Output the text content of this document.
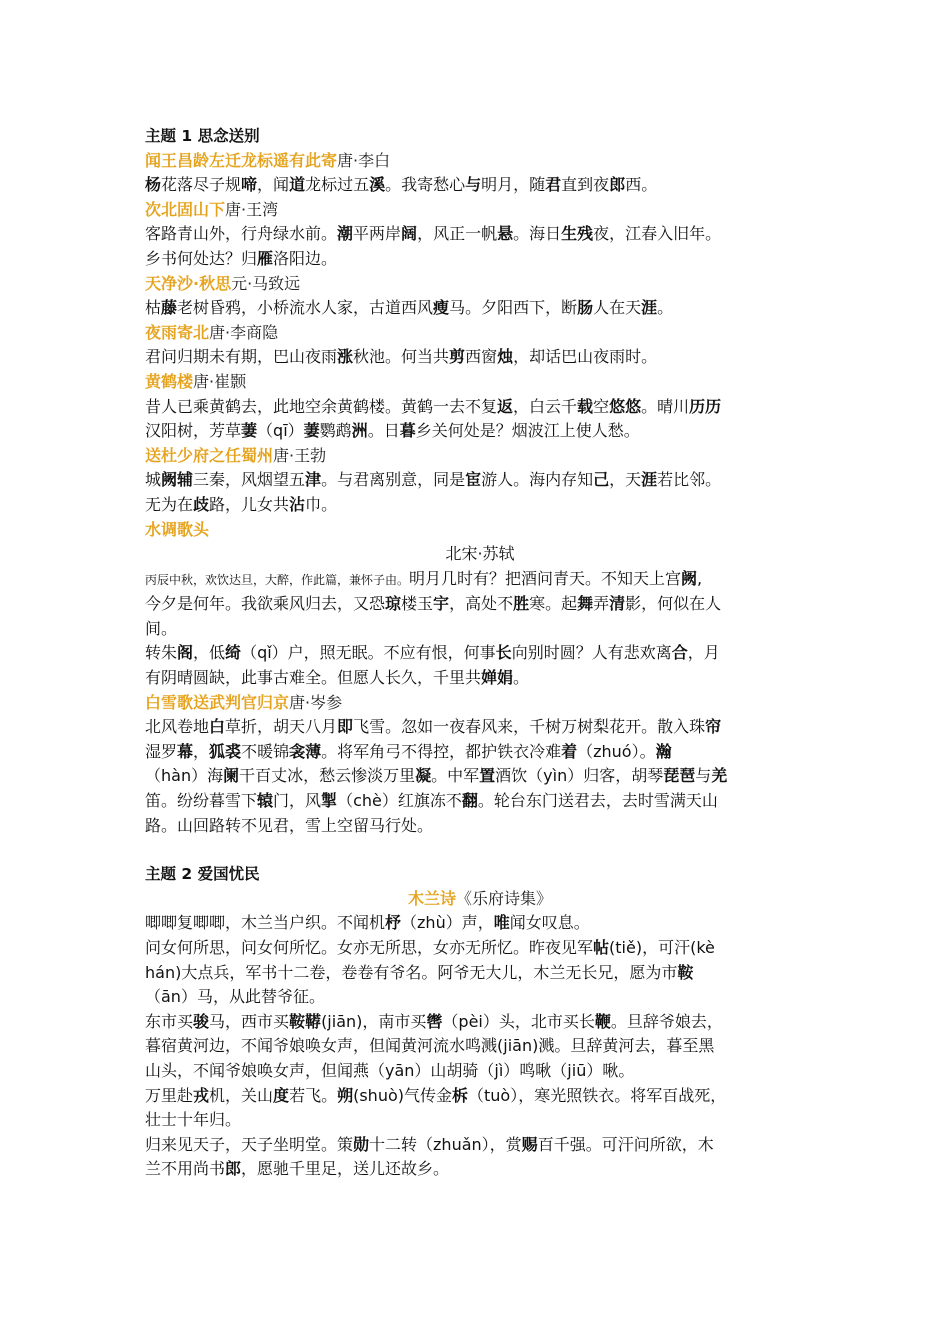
主题 1 思念送别
闻王昌龄左迁龙标遥有此寄唐·李白
杨花落尽子规啼，闻道龙标过五溪。我寄愁心与明月，随君直到夜郎西。
次北固山下唐·王湾
客路青山外，行舟绿水前。潮平两岸阔，风正一帆悬。海日生残夜，江春入旧年。
乡书何处达？归雁洛阳边。
天净沙·秋思元·马致远
枯藤老树昏鸦，小桥流水人家，古道西风瘦马。夕阳西下，断肠人在天涯。
夜雨寄北唐·李商隐
君问归期未有期，巴山夜雨涨秋池。何当共剪西窗烛，却话巴山夜雨时。
黄鹤楼唐·崔颢
昔人已乘黄鹤去，此地空余黄鹤楼。黄鹤一去不复返，白云千载空悠悠。晴川历历
汉阳树，芳草萋（qī）萋鹦鹉洲。日暮乡关何处是？烟波江上使人愁。
送杜少府之任蜀州唐·王勃
城阙辅三秦，风烟望五津。与君离别意，同是宦游人。海内存知己，天涯若比邻。
无为在歧路，儿女共沾巾。
水调歌头
北宋·苏轼
丙辰中秋，欢饮达旦，大醉，作此篇，兼怀子由。明月几时有？把酒问青天。不知天上宫阙,
今夕是何年。我欲乘风归去，又恐琼楼玉宇，高处不胜寒。起舞弄清影，何似在人
间。
转朱阁，低绮（qǐ）户，照无眠。不应有恨，何事长向别时圆？人有悲欢离合，月
有阴晴圆缺，此事古难全。但愿人长久，千里共婵娟。
白雪歌送武判官归京唐·岑参
北风卷地白草折，胡天八月即飞雪。忽如一夜春风来，千树万树梨花开。散入珠帘
湿罗幕，狐裘不暖锦衾薄。将军角弓不得控，都护铁衣冷难着（zhuó）。瀚
（hàn）海阑干百丈冰，愁云惨淡万里凝。中军置酒饮（yìn）归客，胡琴琵琶与羌
笛。纷纷暮雪下辕门，风掣（chè）红旗冻不翻。轮台东门送君去，去时雪满天山
路。山回路转不见君，雪上空留马行处。
主题 2 爱国忧民
木兰诗《乐府诗集》
唧唧复唧唧，木兰当户织。不闻机杼（zhù）声，唯闻女叹息。
问女何所思，问女何所忆。女亦无所思，女亦无所忆。昨夜见军帖(tiě)，可汗(kè
hán)大点兵，军书十二卷，卷卷有爷名。阿爷无大儿，木兰无长兄，愿为市鞍
（ān）马，从此替爷征。
东市买骏马，西市买鞍鞯(jiān)，南市买辔（pèi）头，北市买长鞭。旦辞爷娘去，
暮宿黄河边，不闻爷娘唤女声，但闻黄河流水鸣溅(jiān)溅。旦辞黄河去，暮至黑
山头，不闻爷娘唤女声，但闻燕（yān）山胡骑（jì）鸣啾（jiū）啾。
万里赴戎机，关山度若飞。朔(shuò)气传金柝（tuò），寒光照铁衣。将军百战死，
壮士十年归。
归来见天子，天子坐明堂。策勋十二转（zhuǎn），赏赐百千强。可汗问所欲，木
兰不用尚书郎，愿驰千里足，送儿还故乡。
